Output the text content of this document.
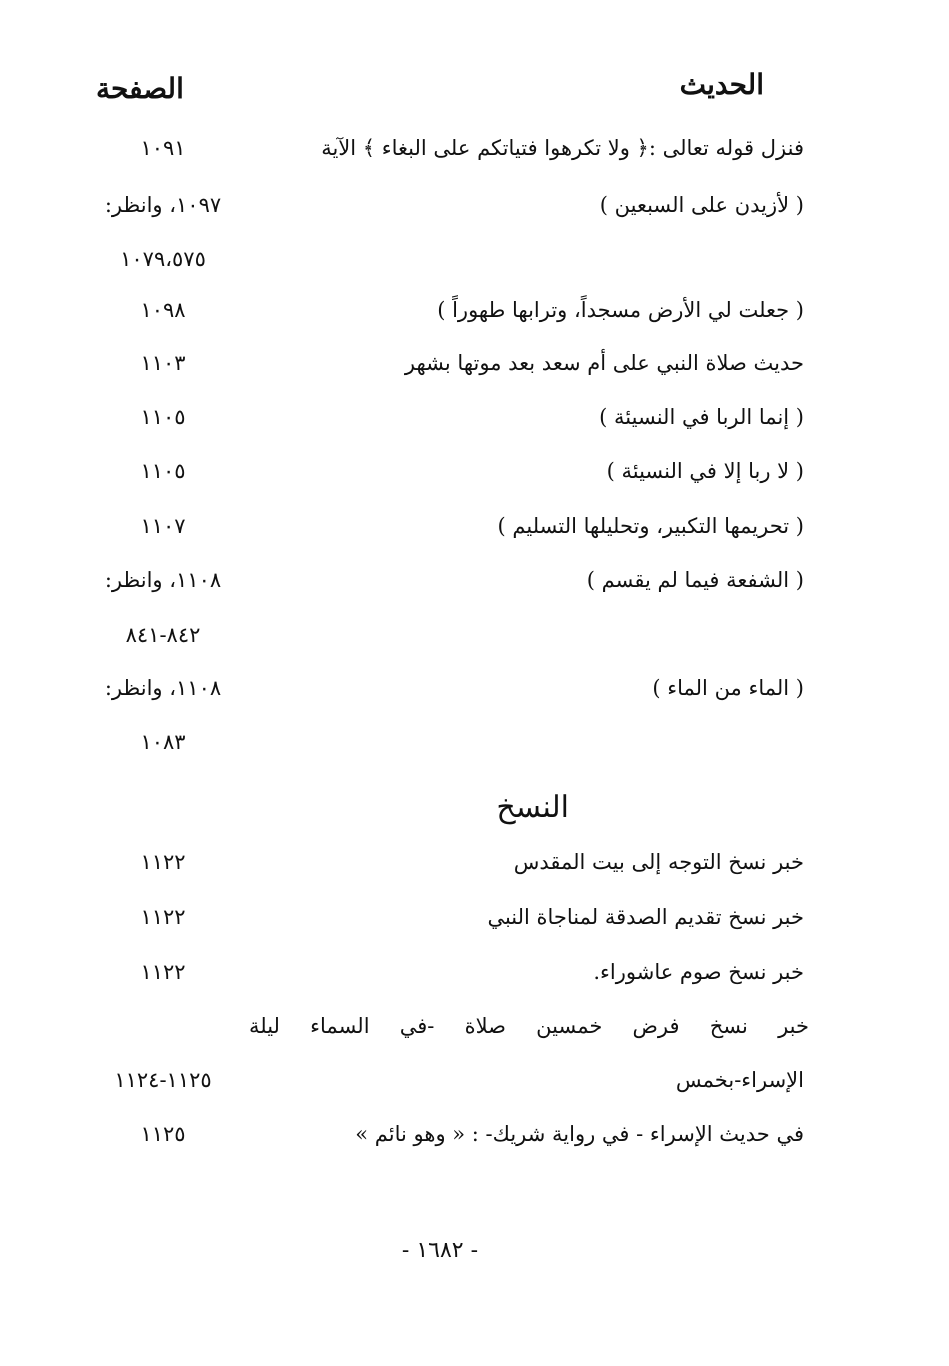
الحديث
الصفحة
فنزل قوله تعالى :﴿ ولا تكرهوا فتياتكم على البغاء ﴾ الآية
١٠٩١
( لأزيدن على السبعين )
١٠٩٧، وانظر:
١٠٧٩،٥٧٥
( جعلت لي الأرض مسجداً، وترابها طهوراً )
١٠٩٨
حديث صلاة النبي على أم سعد بعد موتها بشهر
١١٠٣
( إنما الربا في النسيئة )
١١٠٥
( لا ربا إلا في النسيئة )
١١٠٥
( تحريمها التكبير، وتحليلها التسليم )
١١٠٧
( الشفعة فيما لم يقسم )
١١٠٨، وانظر:
٨٤٢-٨٤١
( الماء من الماء )
١١٠٨، وانظر:
١٠٨٣
النسخ
خبر نسخ التوجه إلى بيت المقدس
١١٢٢
خبر نسخ تقديم الصدقة لمناجاة النبي
١١٢٢
خبر نسخ صوم عاشوراء.
١١٢٢
خبر نسخ فرض خمسين صلاة -في السماء ليلة
الإسراء-بخمس
١١٢٥-١١٢٤
في حديث الإسراء - في رواية شريك- : « وهو نائم »
١١٢٥
- ١٦٨٢ -
